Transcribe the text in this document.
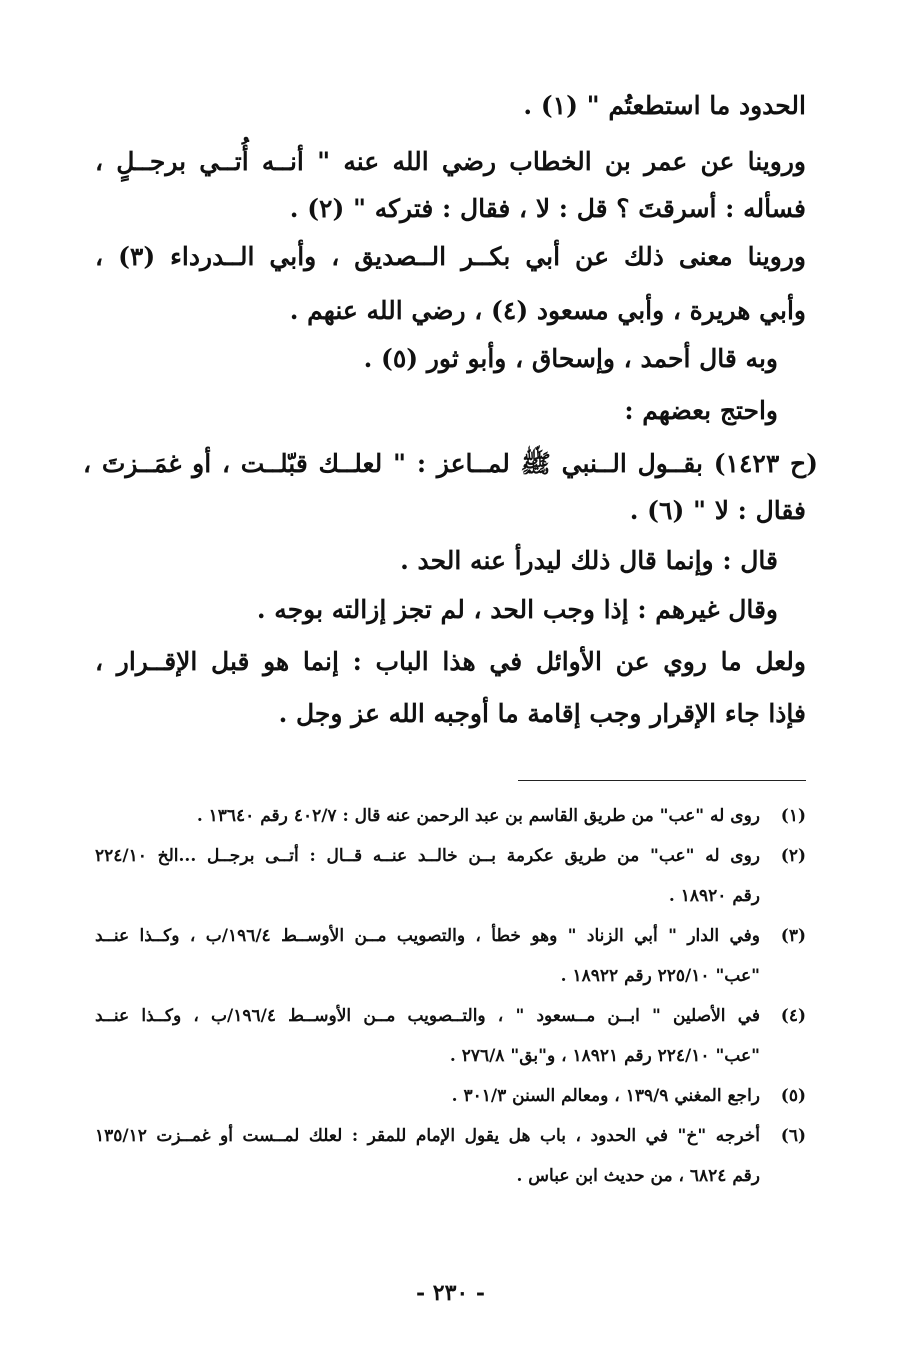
الحدود ما استطعتُم " (١) .
وروينا عن عمر بن الخطاب رضي الله عنه " أنــه أُتــي برجــلٍ ،
فسأله : أسرقتَ ؟ قل : لا ، فقال : فتركه " (٢) .
وروينا معنى ذلك عن أبي بكــر الــصديق ، وأبي الــدرداء (٣) ،
وأبي هريرة ، وأبي مسعود (٤) ، رضي الله عنهم .
وبه قال أحمد ، وإسحاق ، وأبو ثور (٥) .
واحتج بعضهم :
(ح ١٤٢٣) بقــول الــنبي ﷺ لمــاعز : " لعلــك قبّلــت ، أو غمَــزتَ ،
فقال : لا " (٦) .
قال : وإنما قال ذلك ليدرأ عنه الحد .
وقال غيرهم : إذا وجب الحد ، لم تجز إزالته بوجه .
ولعل ما روي عن الأوائل في هذا الباب : إنما هو قبل الإقــرار ،
فإذا جاء الإقرار وجب إقامة ما أوجبه الله عز وجل .
(١)
روى له "عب" من طريق القاسم بن عبد الرحمن عنه قال : ٤٠٢/٧ رقم ١٣٦٤٠ .
(٢)
روى له "عب" من طريق عكرمة بــن خالــد عنــه قــال : أتــى برجــل ...الخ ٢٢٤/١٠
رقم ١٨٩٢٠ .
(٣)
وفي الدار " أبي الزناد " وهو خطأ ، والتصويب مــن الأوســط ١٩٦/٤/ب ، وكــذا عنــد
"عب" ٢٢٥/١٠ رقم ١٨٩٢٢ .
(٤)
في الأصلين " ابــن مــسعود " ، والتــصويب مــن الأوســط ١٩٦/٤/ب ، وكــذا عنــد
"عب" ٢٢٤/١٠ رقم ١٨٩٢١ ، و"بق" ٢٧٦/٨ .
(٥)
راجع المغني ١٣٩/٩ ، ومعالم السنن ٣٠١/٣ .
(٦)
أخرجه "خ" في الحدود ، باب هل يقول الإمام للمقر : لعلك لمــست أو غمــزت ١٣٥/١٢
رقم ٦٨٢٤ ، من حديث ابن عباس .
- ٢٣٠ -
